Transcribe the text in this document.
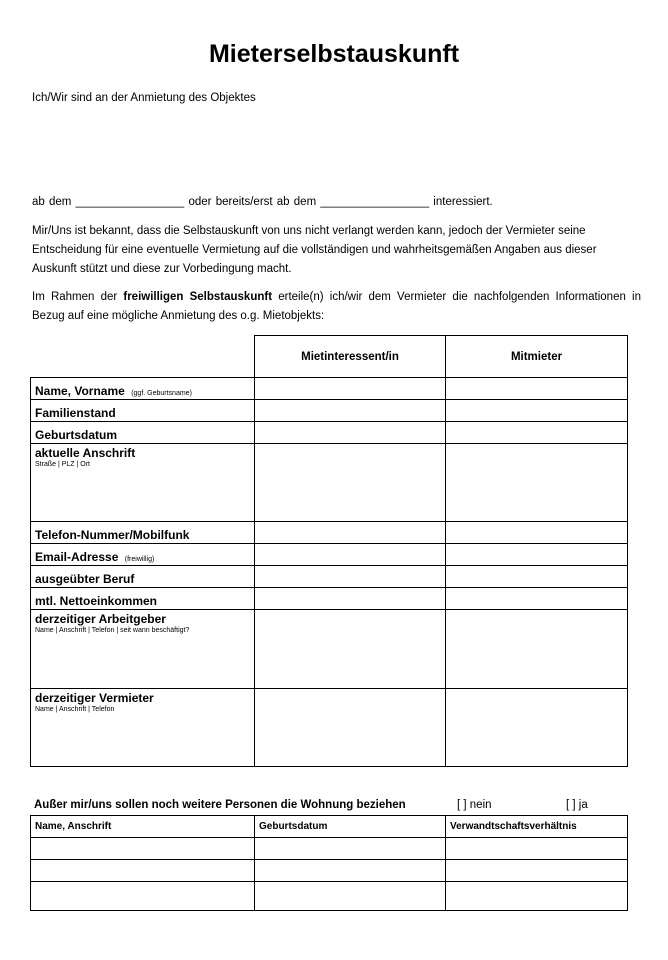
Mieterselbstauskunft
Ich/Wir sind an der Anmietung des Objektes
ab dem _________________ oder bereits/erst ab dem _________________ interessiert.
Mir/Uns ist bekannt, dass die Selbstauskunft von uns nicht verlangt werden kann, jedoch der Vermieter seine Entscheidung für eine eventuelle Vermietung auf die vollständigen und wahrheitsgemäßen Angaben aus dieser Auskunft stützt und diese zur Vorbedingung macht.
Im Rahmen der freiwilligen Selbstauskunft erteile(n) ich/wir dem Vermieter die nachfolgenden Informationen in Bezug auf eine mögliche Anmietung des o.g. Mietobjekts:
	Mietinteressent/in	Mitmieter
Name, Vorname (ggf. Geburtsname)		
Familienstand		
Geburtsdatum		
aktuelle Anschrift
Straße | PLZ | Ort		

Telefon-Nummer/Mobilfunk		
Email-Adresse (freiwillig)		
ausgeübter Beruf		
mtl. Nettoeinkommen		
derzeitiger Arbeitgeber
Name | Anschrift | Telefon | seit wann beschäftigt?		

derzeitiger Vermieter
Name | Anschrift | Telefon		

Außer mir/uns sollen noch weitere Personen die Wohnung beziehen	[ ] nein	[ ] ja
Name, Anschrift	Geburtsdatum	Verwandtschaftsverhältnis
